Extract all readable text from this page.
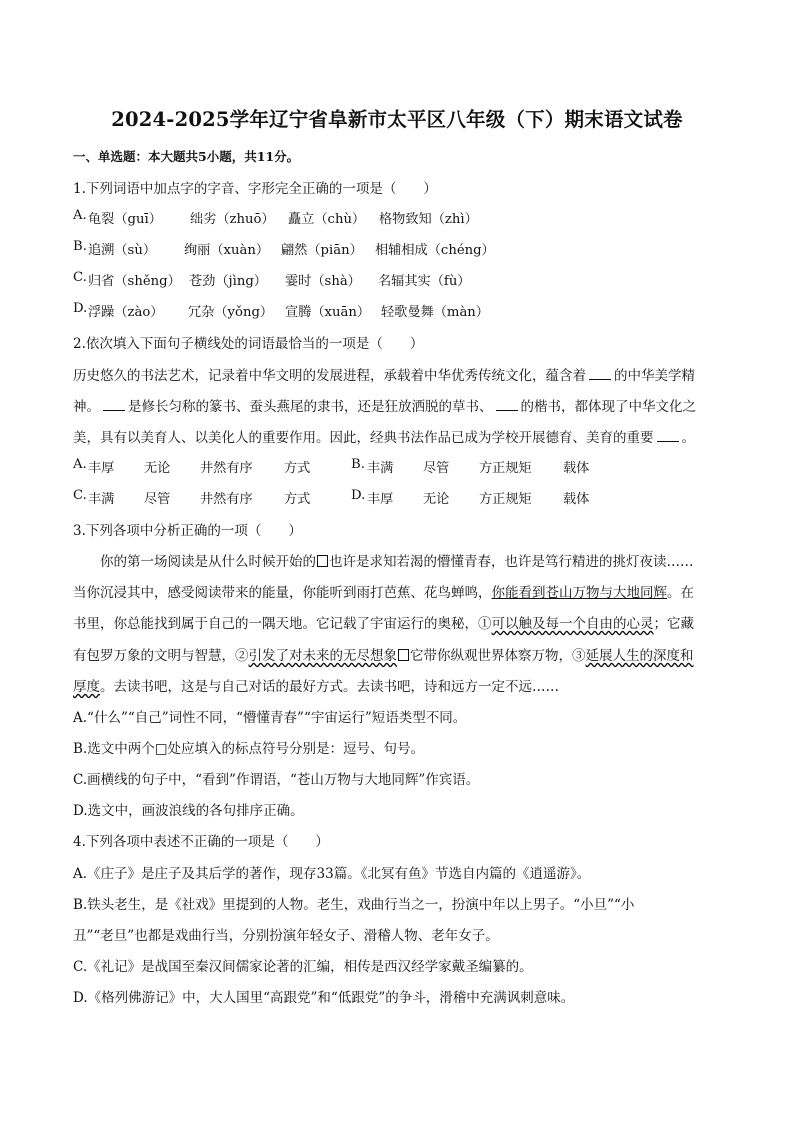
2024-2025学年辽宁省阜新市太平区八年级（下）期末语文试卷
一、单选题：本大题共5小题，共11分。
1.下列词语中加点字的字音、字形完全正确的一项是（　　）
A. 龟裂（guī） 绌劣（zhuō） 矗立（chù） 格物致知（zhì）
B. 追溯（sù） 绚丽（xuàn） 翩然（piān） 相辅相成（chéng）
C. 归省（shěng） 苍劲（jìng） 霎时（shà） 名辐其实（fù）
D. 浮躁（zào） 冗杂（yǒng） 宣腾（xuān） 轻歌曼舞（màn）
2.依次填入下面句子横线处的词语最恰当的一项是（　　）
历史悠久的书法艺术，记录着中华文明的发展进程，承载着中华优秀传统文化，蕴含着 的中华美学精
神。 是修长匀称的篆书、蚕头燕尾的隶书，还是狂放洒脱的草书、 的楷书，都体现了中华文化之
美，具有以美育人、以美化人的重要作用。因此，经典书法作品已成为学校开展德育、美育的重要 。
A. 丰厚 无论 井然有序 方式	B. 丰满 尽管 方正规矩 载体
C. 丰满 尽管 井然有序 方式	D. 丰厚 无论 方正规矩 载体
3.下列各项中分析正确的一项（　　）
你的第一场阅读是从什么时候开始的 也许是求知若渴的懵懂青春，也许是笃行精进的挑灯夜读……
当你沉浸其中，感受阅读带来的能量，你能听到雨打芭蕉、花鸟蝉鸣，你能看到苍山万物与大地同辉。在
书里，你总能找到属于自己的一隅天地。它记载了宇宙运行的奥秘，①可以触及每一个自由的心灵；它藏
有包罗万象的文明与智慧，②引发了对未来的无尽想象 它带你纵观世界体察万物，③延展人生的深度和
厚度。去读书吧，这是与自己对话的最好方式。去读书吧，诗和远方一定不远……
A.“什么”“自己”词性不同，“懵懂青春”“宇宙运行”短语类型不同。
B.选文中两个□处应填入的标点符号分别是：逗号、句号。
C.画横线的句子中，“看到”作谓语，“苍山万物与大地同辉”作宾语。
D.选文中，画波浪线的各句排序正确。
4.下列各项中表述不正确的一项是（　　）
A.《庄子》是庄子及其后学的著作，现存33篇。《北冥有鱼》节选自内篇的《逍遥游》。
B.铁头老生，是《社戏》里提到的人物。老生，戏曲行当之一，扮演中年以上男子。“小旦”“小
丑”“老旦”也都是戏曲行当，分别扮演年轻女子、滑稽人物、老年女子。
C.《礼记》是战国至秦汉间儒家论著的汇编，相传是西汉经学家戴圣编纂的。
D.《格列佛游记》中，大人国里“高跟党”和“低跟党”的争斗，滑稽中充满讽刺意味。
